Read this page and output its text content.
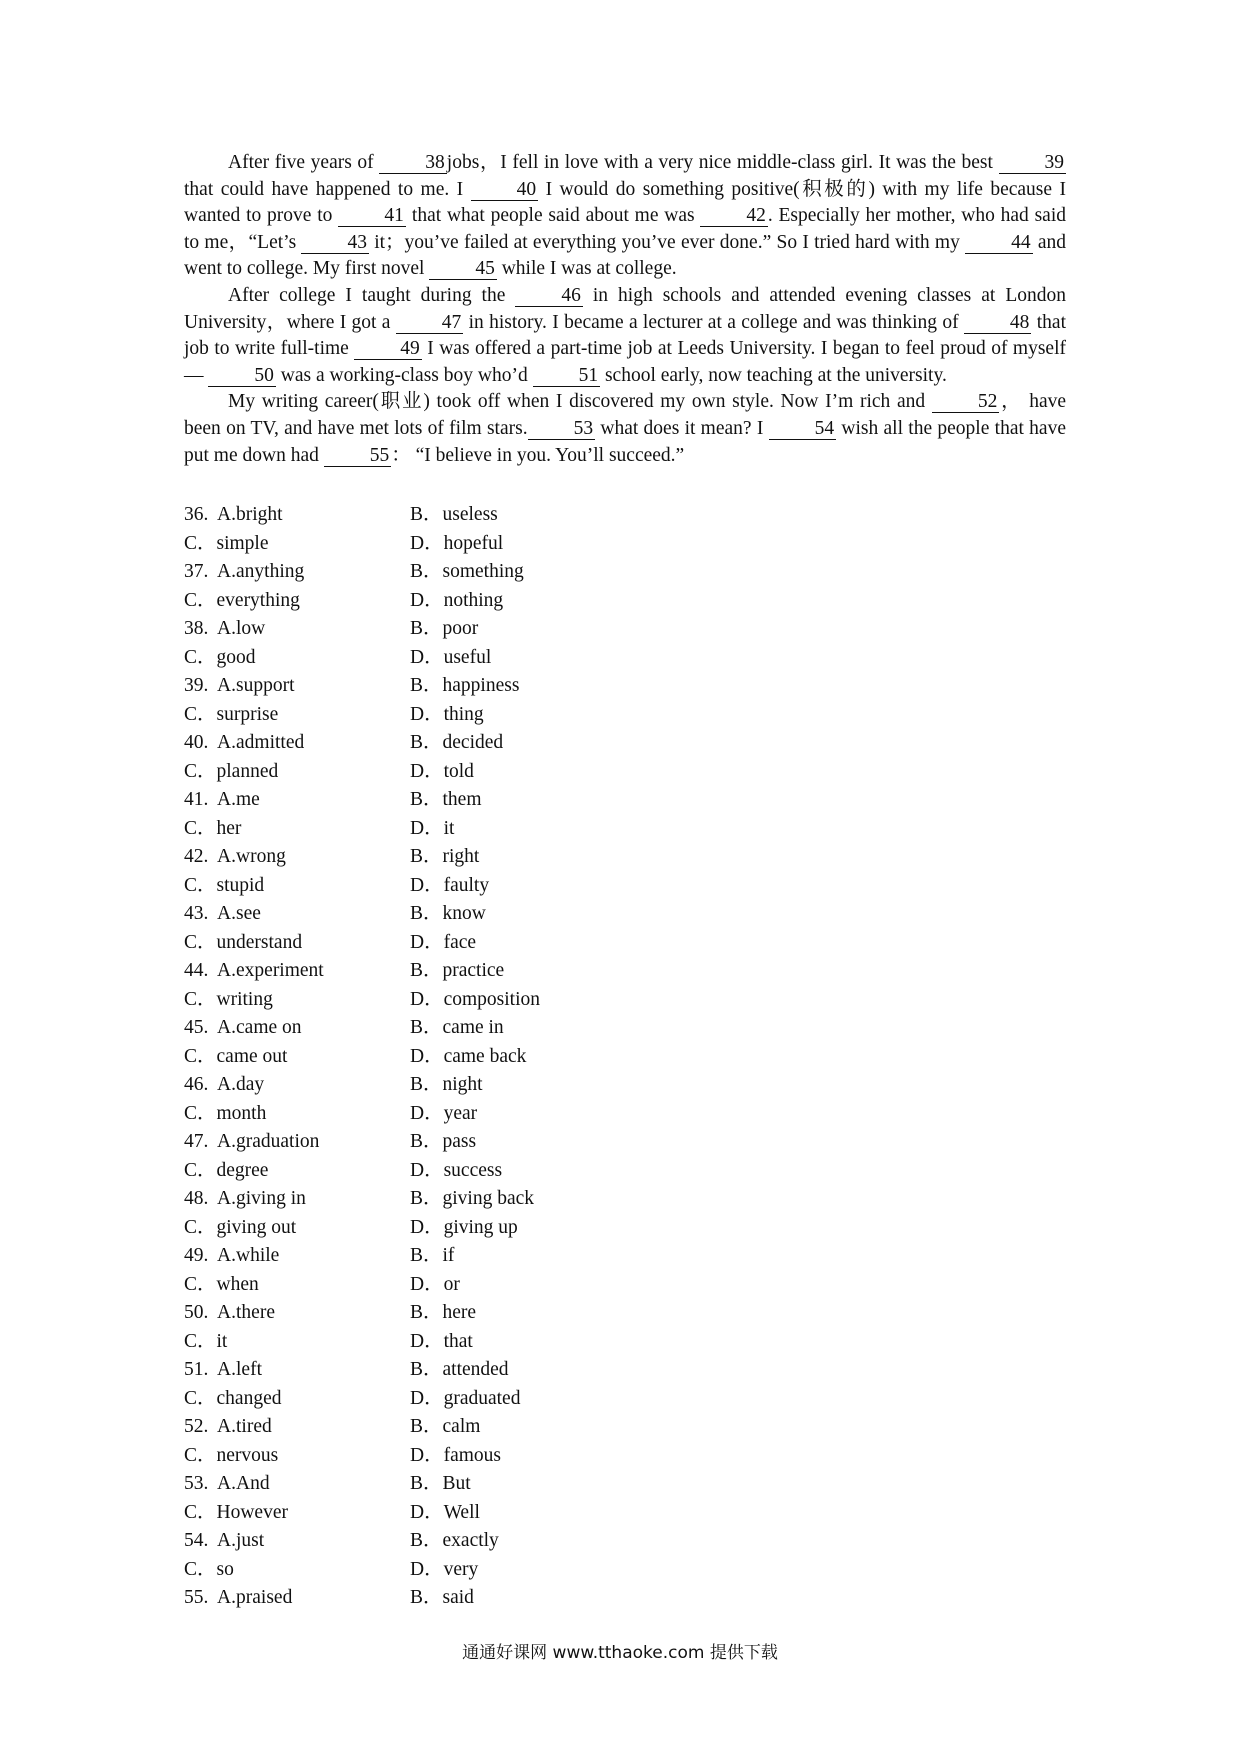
After five years of 38 jobs，I fell in love with a very nice middle-class girl. It was the best 39 that could have happened to me. I 40 I would do something positive(积极的) with my life because I wanted to prove to 41 that what people said about me was 42 . Especially her mother, who had said to me，“Let’s 43 it；you’ve failed at everything you’ve ever done.” So I tried hard with my 44 and went to college. My first novel 45 while I was at college.

After college I taught during the 46 in high schools and attended evening classes at London University，where I got a 47 in history. I became a lecturer at a college and was thinking of 48 that job to write full-time 49 I was offered a part-time job at Leeds University. I began to feel proud of myself— 50 was a working-class boy who’d 51 school early, now teaching at the university.

My writing career(职业) took off when I discovered my own style. Now I’m rich and 52 ， have been on TV, and have met lots of film stars. 53 what does it mean? I 54 wish all the people that have put me down had 55 ： “I believe in you. You’ll succeed.”

36.  A.bright	B．useless
C．simple	D．hopeful
37.  A.anything	B．something
C．everything	D．nothing
38.  A.low	B．poor
C．good	D．useful
39.  A.support	B．happiness
C．surprise	D．thing
40.  A.admitted	B．decided
C．planned	D．told
41.  A.me	B．them
C．her	D．it
42.  A.wrong	B．right
C．stupid	D．faulty
43.  A.see	B．know
C．understand	D．face
44.  A.experiment	B．practice
C．writing	D．composition
45.  A.came on	B．came in
C．came out	D．came back
46.  A.day	B．night
C．month	D．year
47.  A.graduation	B．pass
C．degree	D．success
48.  A.giving in	B．giving back
C．giving out	D．giving up
49.  A.while	B．if
C．when	D．or
50.  A.there	B．here
C．it	D．that
51.  A.left	B．attended
C．changed	D．graduated
52.  A.tired	B．calm
C．nervous	D．famous
53.  A.And	B．But
C．However	D．Well
54.  A.just	B．exactly
C．so	D．very
55.  A.praised	B．said
通通好课网 www.tthaoke.com 提供下载
